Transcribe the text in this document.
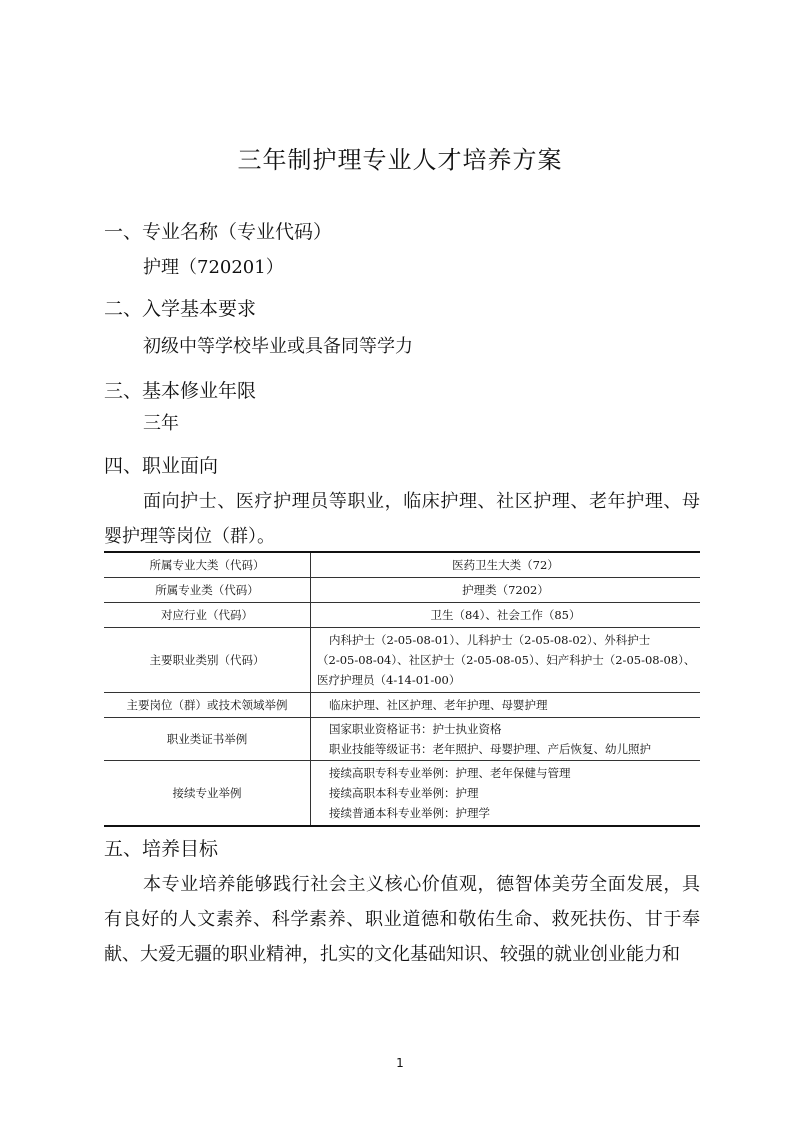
三年制护理专业人才培养方案
一、专业名称（专业代码）
护理（720201）
二、入学基本要求
初级中等学校毕业或具备同等学力
三、基本修业年限
三年
四、职业面向
面向护士、医疗护理员等职业，临床护理、社区护理、老年护理、母婴护理等岗位（群）。
所属专业大类（代码）	医药卫生大类（72）
所属专业类（代码）	护理类（7202）
对应行业（代码）	卫生（84）、社会工作（85）
主要职业类别（代码）	内科护士（2-05-08-01）、儿科护士（2-05-08-02）、外科护士
（2-05-08-04）、社区护士（2-05-08-05）、妇产科护士（2-05-08-08）、
医疗护理员（4-14-01-00）

主要岗位（群）或技术领域举例	临床护理、社区护理、老年护理、母婴护理
职业类证书举例	国家职业资格证书：护士执业资格
职业技能等级证书：老年照护、母婴护理、产后恢复、幼儿照护

接续专业举例	接续高职专科专业举例：护理、老年保健与管理
接续高职本科专业举例：护理
接续普通本科专业举例：护理学
五、培养目标
本专业培养能够践行社会主义核心价值观，德智体美劳全面发展，具有良好的人文素养、科学素养、职业道德和敬佑生命、救死扶伤、甘于奉献、大爱无疆的职业精神，扎实的文化基础知识、较强的就业创业能力和
1
